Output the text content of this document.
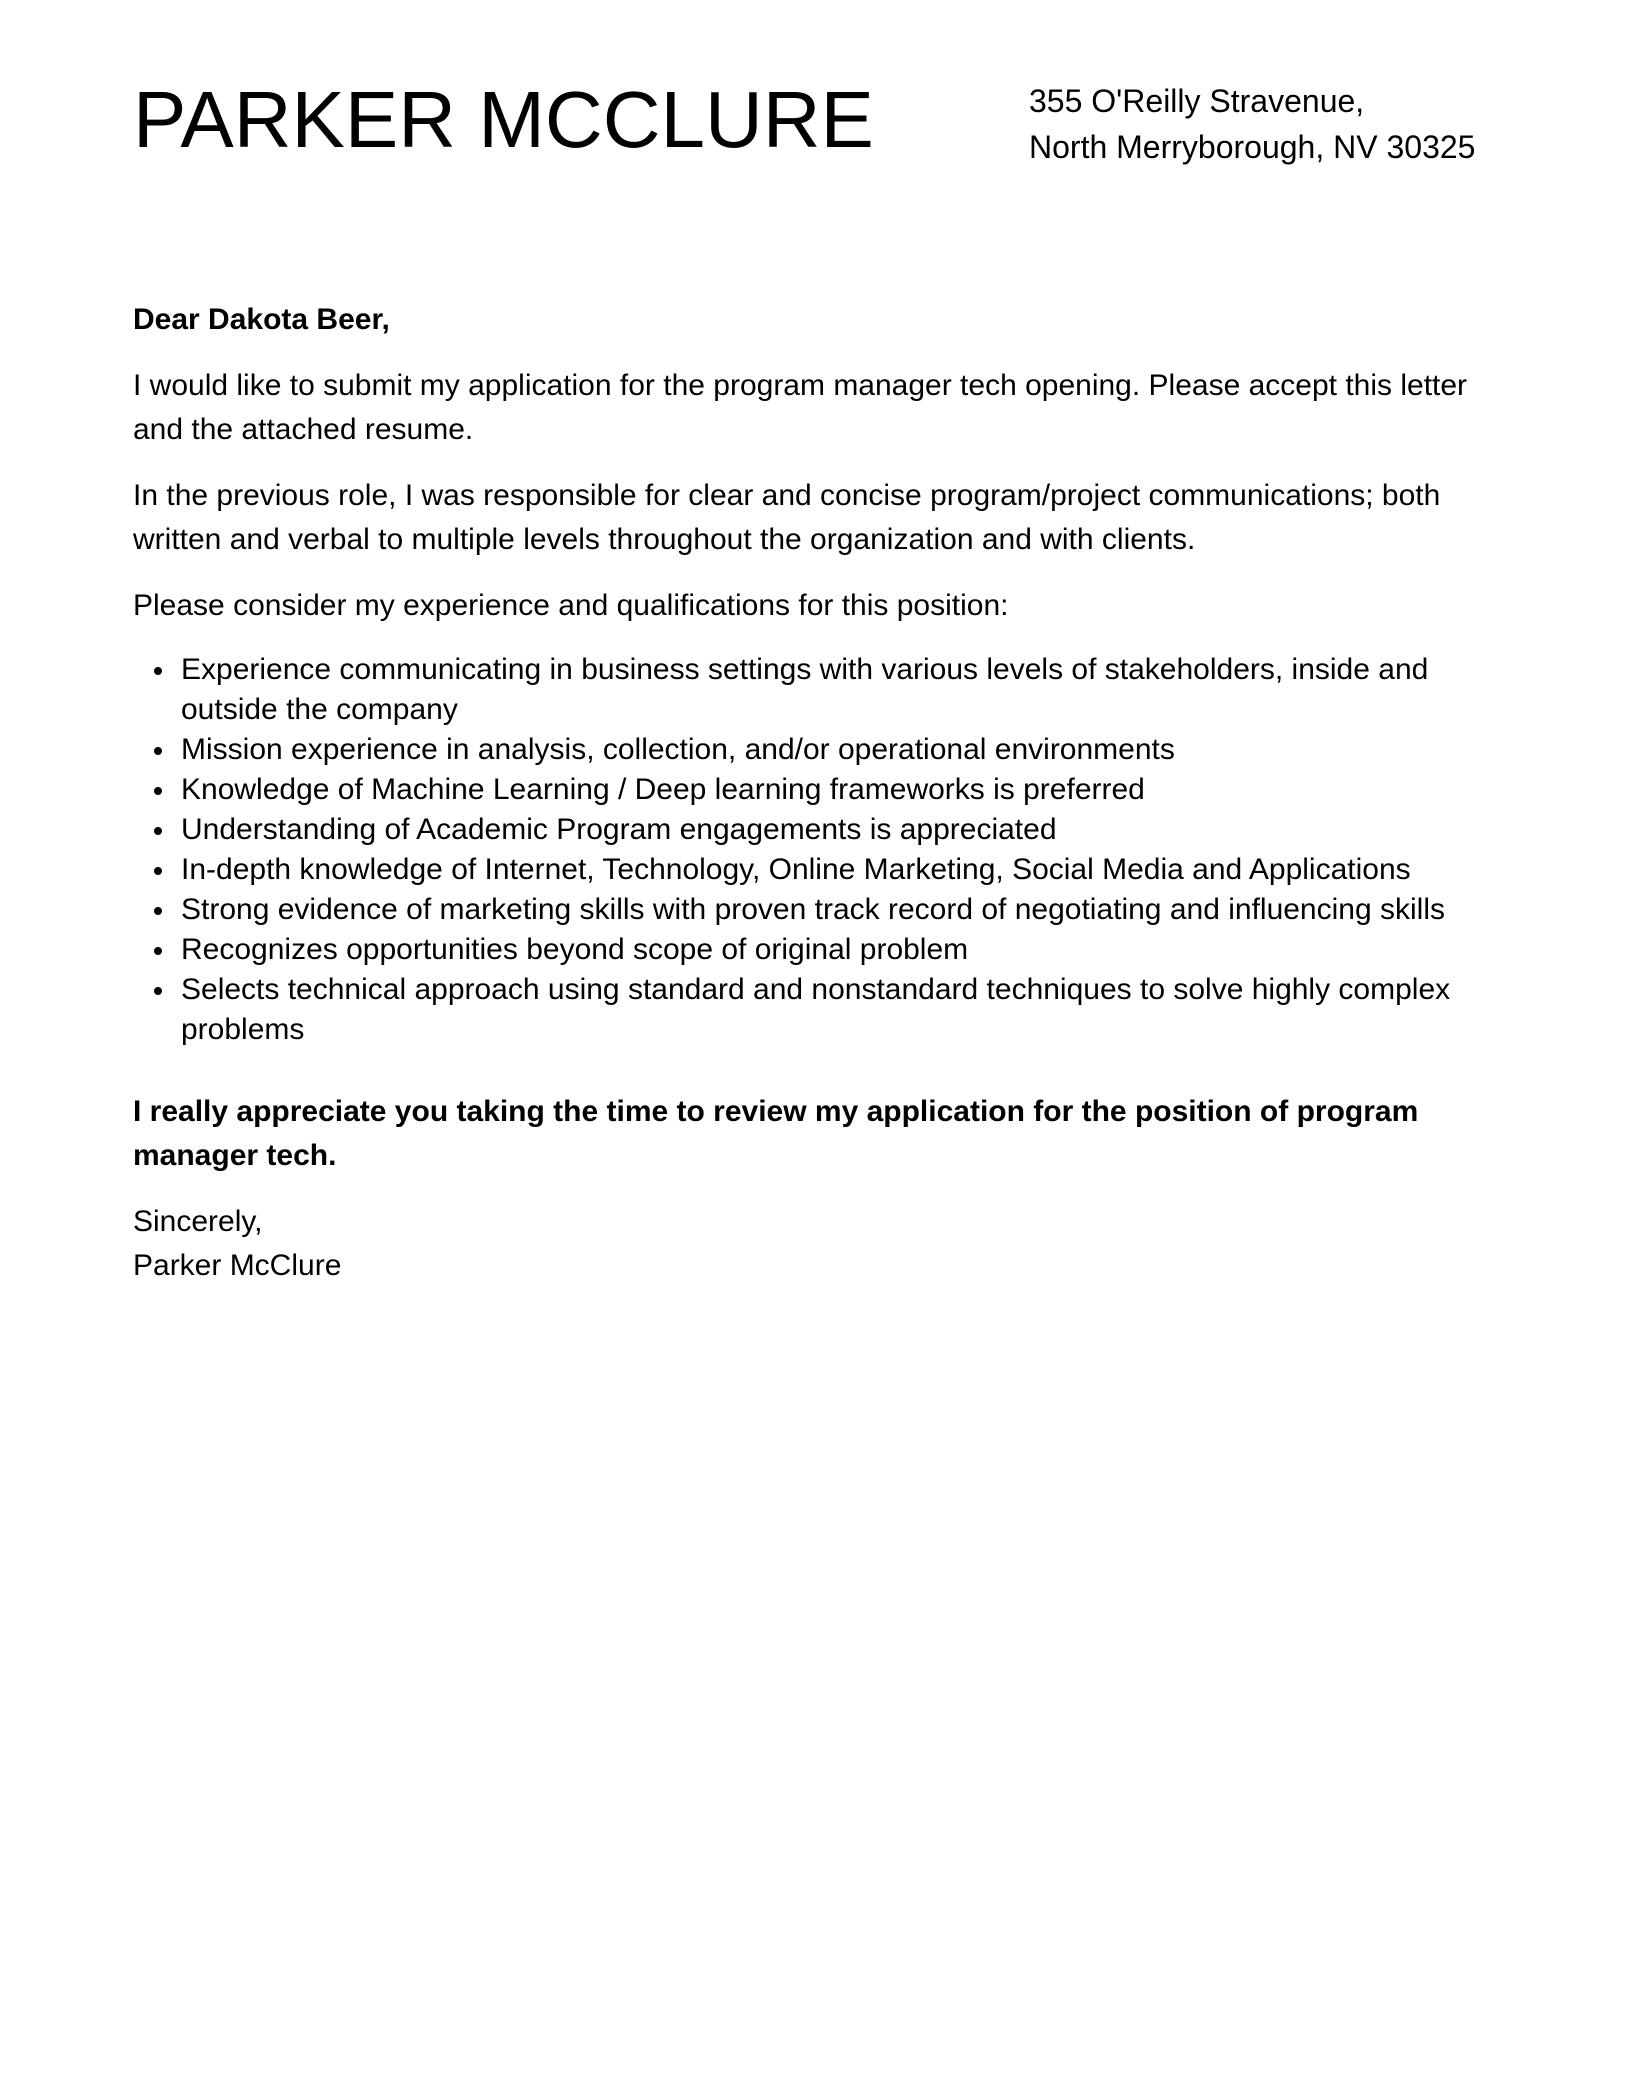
PARKER MCCLURE	355 O'Reilly Stravenue,
North Merryborough, NV 30325

Dear Dakota Beer,

I would like to submit my application for the program manager tech opening. Please accept this letter and the attached resume.

In the previous role, I was responsible for clear and concise program/project communications; both written and verbal to multiple levels throughout the organization and with clients.

Please consider my experience and qualifications for this position:

Experience communicating in business settings with various levels of stakeholders, inside and outside the company
Mission experience in analysis, collection, and/or operational environments
Knowledge of Machine Learning / Deep learning frameworks is preferred
Understanding of Academic Program engagements is appreciated
In-depth knowledge of Internet, Technology, Online Marketing, Social Media and Applications
Strong evidence of marketing skills with proven track record of negotiating and influencing skills
Recognizes opportunities beyond scope of original problem
Selects technical approach using standard and nonstandard techniques to solve highly complex problems

I really appreciate you taking the time to review my application for the position of program manager tech.

Sincerely,
Parker McClure
